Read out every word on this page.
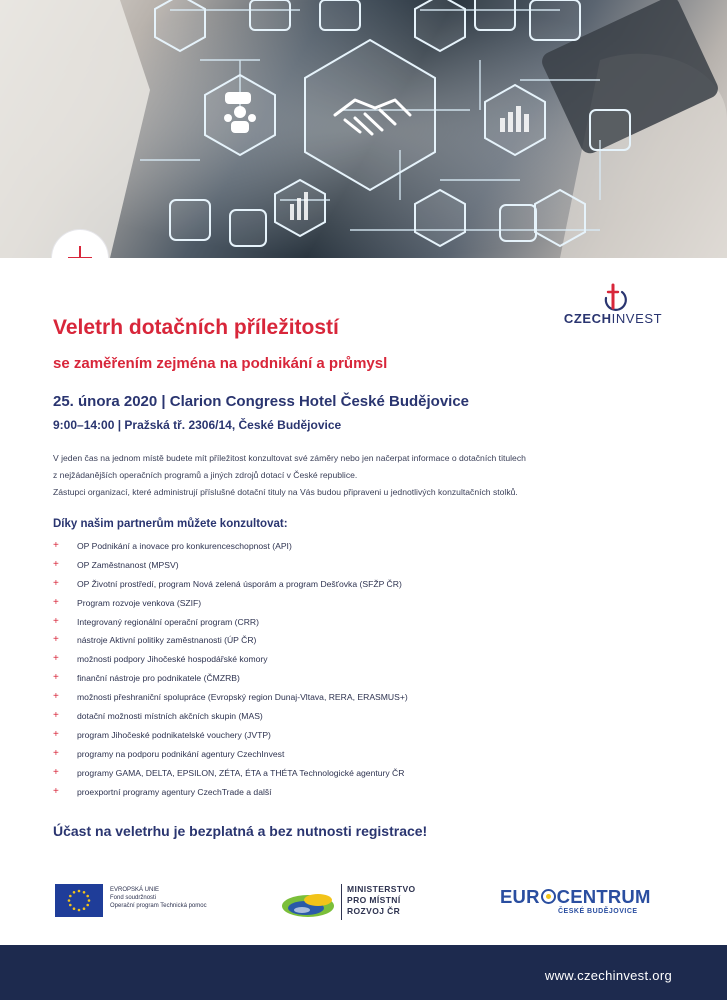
CZECHINVEST
Veletrh dotačních příležitostí
se zaměřením zejména na podnikání a průmysl
25. února 2020 | Clarion Congress Hotel České Budějovice
9:00–14:00 | Pražská tř. 2306/14, České Budějovice

V jeden čas na jednom místě budete mít příležitost konzultovat své záměry nebo jen načerpat informace o dotačních titulech

z nejžádanějších operačních programů a jiných zdrojů dotací v České republice.

Zástupci organizací, které administrují příslušné dotační tituly na Vás budou připraveni u jednotlivých konzultačních stolků.

Díky našim partnerům můžete konzultovat:
+ OP Podnikání a inovace pro konkurenceschopnost (API)
+ OP Zaměstnanost (MPSV)
+ OP Životní prostředí, program Nová zelená úsporám a program Dešťovka (SFŽP ČR)
+ Program rozvoje venkova (SZIF)
+ Integrovaný regionální operační program (CRR)
+ nástroje Aktivní politiky zaměstnanosti (ÚP ČR)
+ možnosti podpory Jihočeské hospodářské komory
+ finanční nástroje pro podnikatele (ČMZRB)
+ možnosti přeshraniční spolupráce (Evropský region Dunaj-Vltava, RERA, ERASMUS+)
+ dotační možnosti místních akčních skupin (MAS)
+ program Jihočeské podnikatelské vouchery (JVTP)
+ programy na podporu podnikání agentury CzechInvest
+ programy GAMA, DELTA, EPSILON, ZÉTA, ÉTA a THÉTA Technologické agentury ČR
+ proexportní programy agentury CzechTrade a další
Účast na veletrhu je bezplatná a bez nutnosti registrace!
EVROPSKÁ UNIE
Fond soudržnosti
Operační program Technická pomoc
MINISTERSTVO
PRO MÍSTNÍ
ROZVOJ ČR
EUR CENTRUM
ČESKÉ BUDĚJOVICE
www.czechinvest.org
